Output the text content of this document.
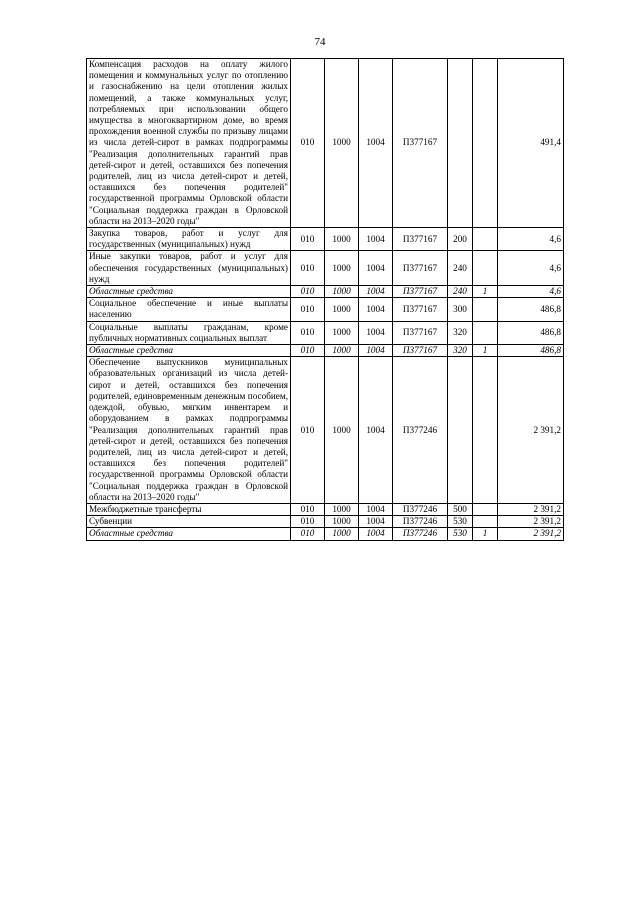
74
Компенсация расходов на оплату жилого помещения и коммунальных услуг по отоплению и газоснабжению на цели отопления жилых помещений, а также коммунальных услуг, потребляемых при использовании общего имущества в многоквартирном доме, во время прохождения военной службы по призыву лицами из числа детей-сирот в рамках подпрограммы "Реализация дополнительных гарантий прав детей-сирот и детей, оставшихся без попечения родителей, лиц из числа детей-сирот и детей, оставшихся без попечения родителей" государственной программы Орловской области "Социальная поддержка граждан в Орловской области на 2013–2020 годы"	010	1000	1004	П377167			491,4
Закупка товаров, работ и услуг для государственных (муниципальных) нужд	010	1000	1004	П377167	200		4,6
Иные закупки товаров, работ и услуг для обеспечения государственных (муниципальных) нужд	010	1000	1004	П377167	240		4,6
Областные средства	010	1000	1004	П377167	240	1	4,6
Социальное обеспечение и иные выплаты населению	010	1000	1004	П377167	300		486,8
Социальные выплаты гражданам, кроме публичных нормативных социальных выплат	010	1000	1004	П377167	320		486,8
Областные средства	010	1000	1004	П377167	320	1	486,8
Обеспечение выпускников муниципальных образовательных организаций из числа детей-сирот и детей, оставшихся без попечения родителей, единовременным денежным пособием, одеждой, обувью, мягким инвентарем и оборудованием в рамках подпрограммы "Реализация дополнительных гарантий прав детей-сирот и детей, оставшихся без попечения родителей, лиц из числа детей-сирот и детей, оставшихся без попечения родителей" государственной программы Орловской области "Социальная поддержка граждан в Орловской области на 2013–2020 годы"	010	1000	1004	П377246			2 391,2
Межбюджетные трансферты	010	1000	1004	П377246	500		2 391,2
Субвенции	010	1000	1004	П377246	530		2 391,2
Областные средства	010	1000	1004	П377246	530	1	2 391,2
